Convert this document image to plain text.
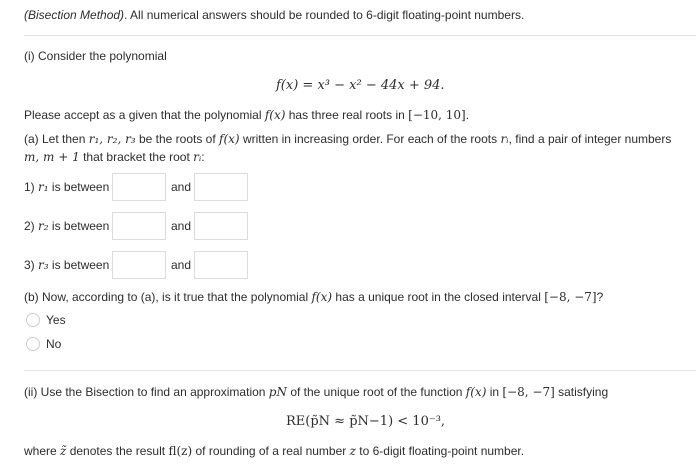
(Bisection Method). All numerical answers should be rounded to 6-digit floating-point numbers.
(i) Consider the polynomial
f(x) = x³ − x² − 44x + 94.
Please accept as a given that the polynomial f(x) has three real roots in [−10, 10].
(a) Let then r₁, r₂, r₃ be the roots of f(x) written in increasing order. For each of the roots rᵢ, find a pair of integer numbers
m, m + 1 that bracket the root rᵢ:
1) r₁ is between	and
2) r₂ is between	and
3) r₃ is between	and
(b) Now, according to (a), is it true that the polynomial f(x) has a unique root in the closed interval [−8, −7]?
Yes
No
(ii) Use the Bisection to find an approximation pN of the unique root of the function f(x) in [−8, −7] satisfying
RE(p̃N ≈ p̃N−1) < 10⁻³,
where z̃ denotes the result fl(z) of rounding of a real number z to 6-digit floating-point number.
